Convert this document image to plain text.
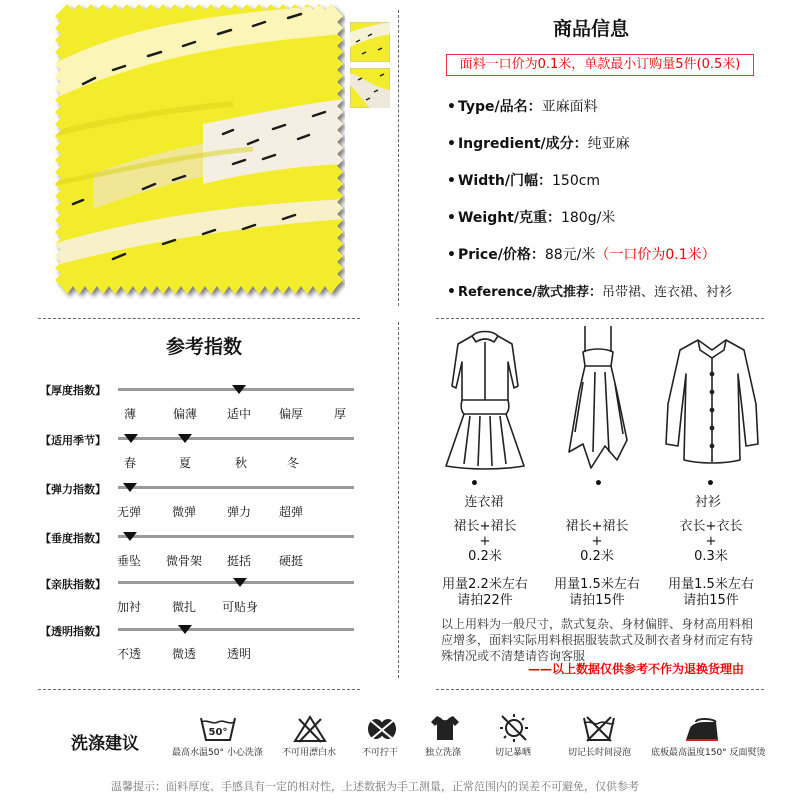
商品信息
面料一口价为0.1米，单款最小订购量5件(0.5米)
• Type/品名：亚麻面料
• Ingredient/成分：纯亚麻
• Width/门幅：150cm
• Weight/克重：180g/米
• Price/价格：88元/米（一口价为0.1米）
• Reference/款式推荐：吊带裙、连衣裙、衬衫
参考指数
【厚度指数】
薄	偏薄 适中 偏厚	厚
【适用季节】
春	夏	秋	冬
【弹力指数】
无弹	微弹	弹力 超弹
【垂度指数】
垂坠 微骨架 挺括 硬挺
【亲肤指数】
加衬	微扎 可贴身
【透明指数】
不透	微透	透明
•	•	•
连衣裙
裙长+裙长
+
0.2米
用量2.2米左右
请拍22件
裙长+裙长
+
0.2米
用量1.5米左右
请拍15件
衬衫
衣长+衣长
+
0.3米
用量1.5米左右
请拍15件
以上用料为一般尺寸，款式复杂、身材偏胖、身材高用料相应增多，面料实际用料根据服装款式及制衣者身材而定有特殊情况或不清楚请咨询客服
——以上数据仅供参考不作为退换货理由
洗涤建议
50°
最高水温50° 小心洗涤 不可用漂白水	不可拧干	独立洗涤	切记暴晒	切记长时间浸泡 底板最高温度150° 反面熨烫
温馨提示：面料厚度、手感具有一定的相对性，上述数据为手工测量，正常范围内的误差不可避免，仅供参考
